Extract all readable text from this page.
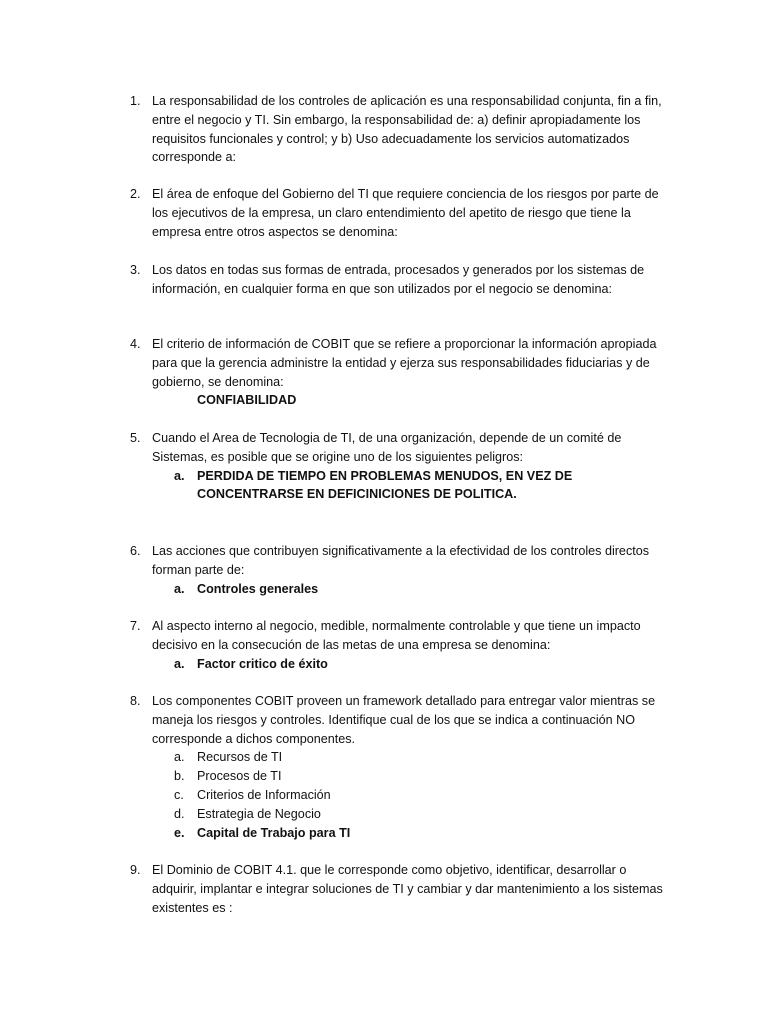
1. La responsabilidad de los controles de aplicación es una responsabilidad conjunta, fin a fin, entre el negocio y TI. Sin embargo, la responsabilidad de: a) definir apropiadamente los requisitos funcionales y control; y b) Uso adecuadamente los servicios automatizados corresponde a:
2. El área de enfoque del Gobierno del TI que requiere conciencia de los riesgos por parte de los ejecutivos de la empresa, un claro entendimiento del apetito de riesgo que tiene la empresa entre otros aspectos se denomina:
3. Los datos en todas sus formas de entrada, procesados y generados por los sistemas de información, en cualquier forma en que son utilizados por el negocio se denomina:
4. El criterio de información de COBIT que se refiere a proporcionar la información apropiada para que la gerencia administre la entidad y ejerza sus responsabilidades fiduciarias y de gobierno, se denomina:
CONFIABILIDAD
5. Cuando el Area de Tecnologia de TI, de una organización, depende de un comité de Sistemas, es posible que se origine uno de los siguientes peligros:
a. PERDIDA DE TIEMPO EN PROBLEMAS MENUDOS, EN VEZ DE CONCENTRARSE EN DEFICINICIONES DE POLITICA.
6. Las acciones que contribuyen significativamente a la efectividad de los controles directos forman parte de:
a. Controles generales
7. Al aspecto interno al negocio, medible, normalmente controlable y que tiene un impacto decisivo en la consecución de las metas de una empresa se denomina:
a. Factor critico de éxito
8. Los componentes COBIT proveen un framework detallado para entregar valor mientras se maneja los riesgos y controles. Identifique cual de los que se indica a continuación NO corresponde a dichos componentes.
a. Recursos de TI
b. Procesos de TI
c. Criterios de Información
d. Estrategia de Negocio
e. Capital de Trabajo para TI
9. El Dominio de COBIT 4.1. que le corresponde como objetivo, identificar, desarrollar o adquirir, implantar e integrar soluciones de TI y cambiar y dar mantenimiento a los sistemas existentes es :
